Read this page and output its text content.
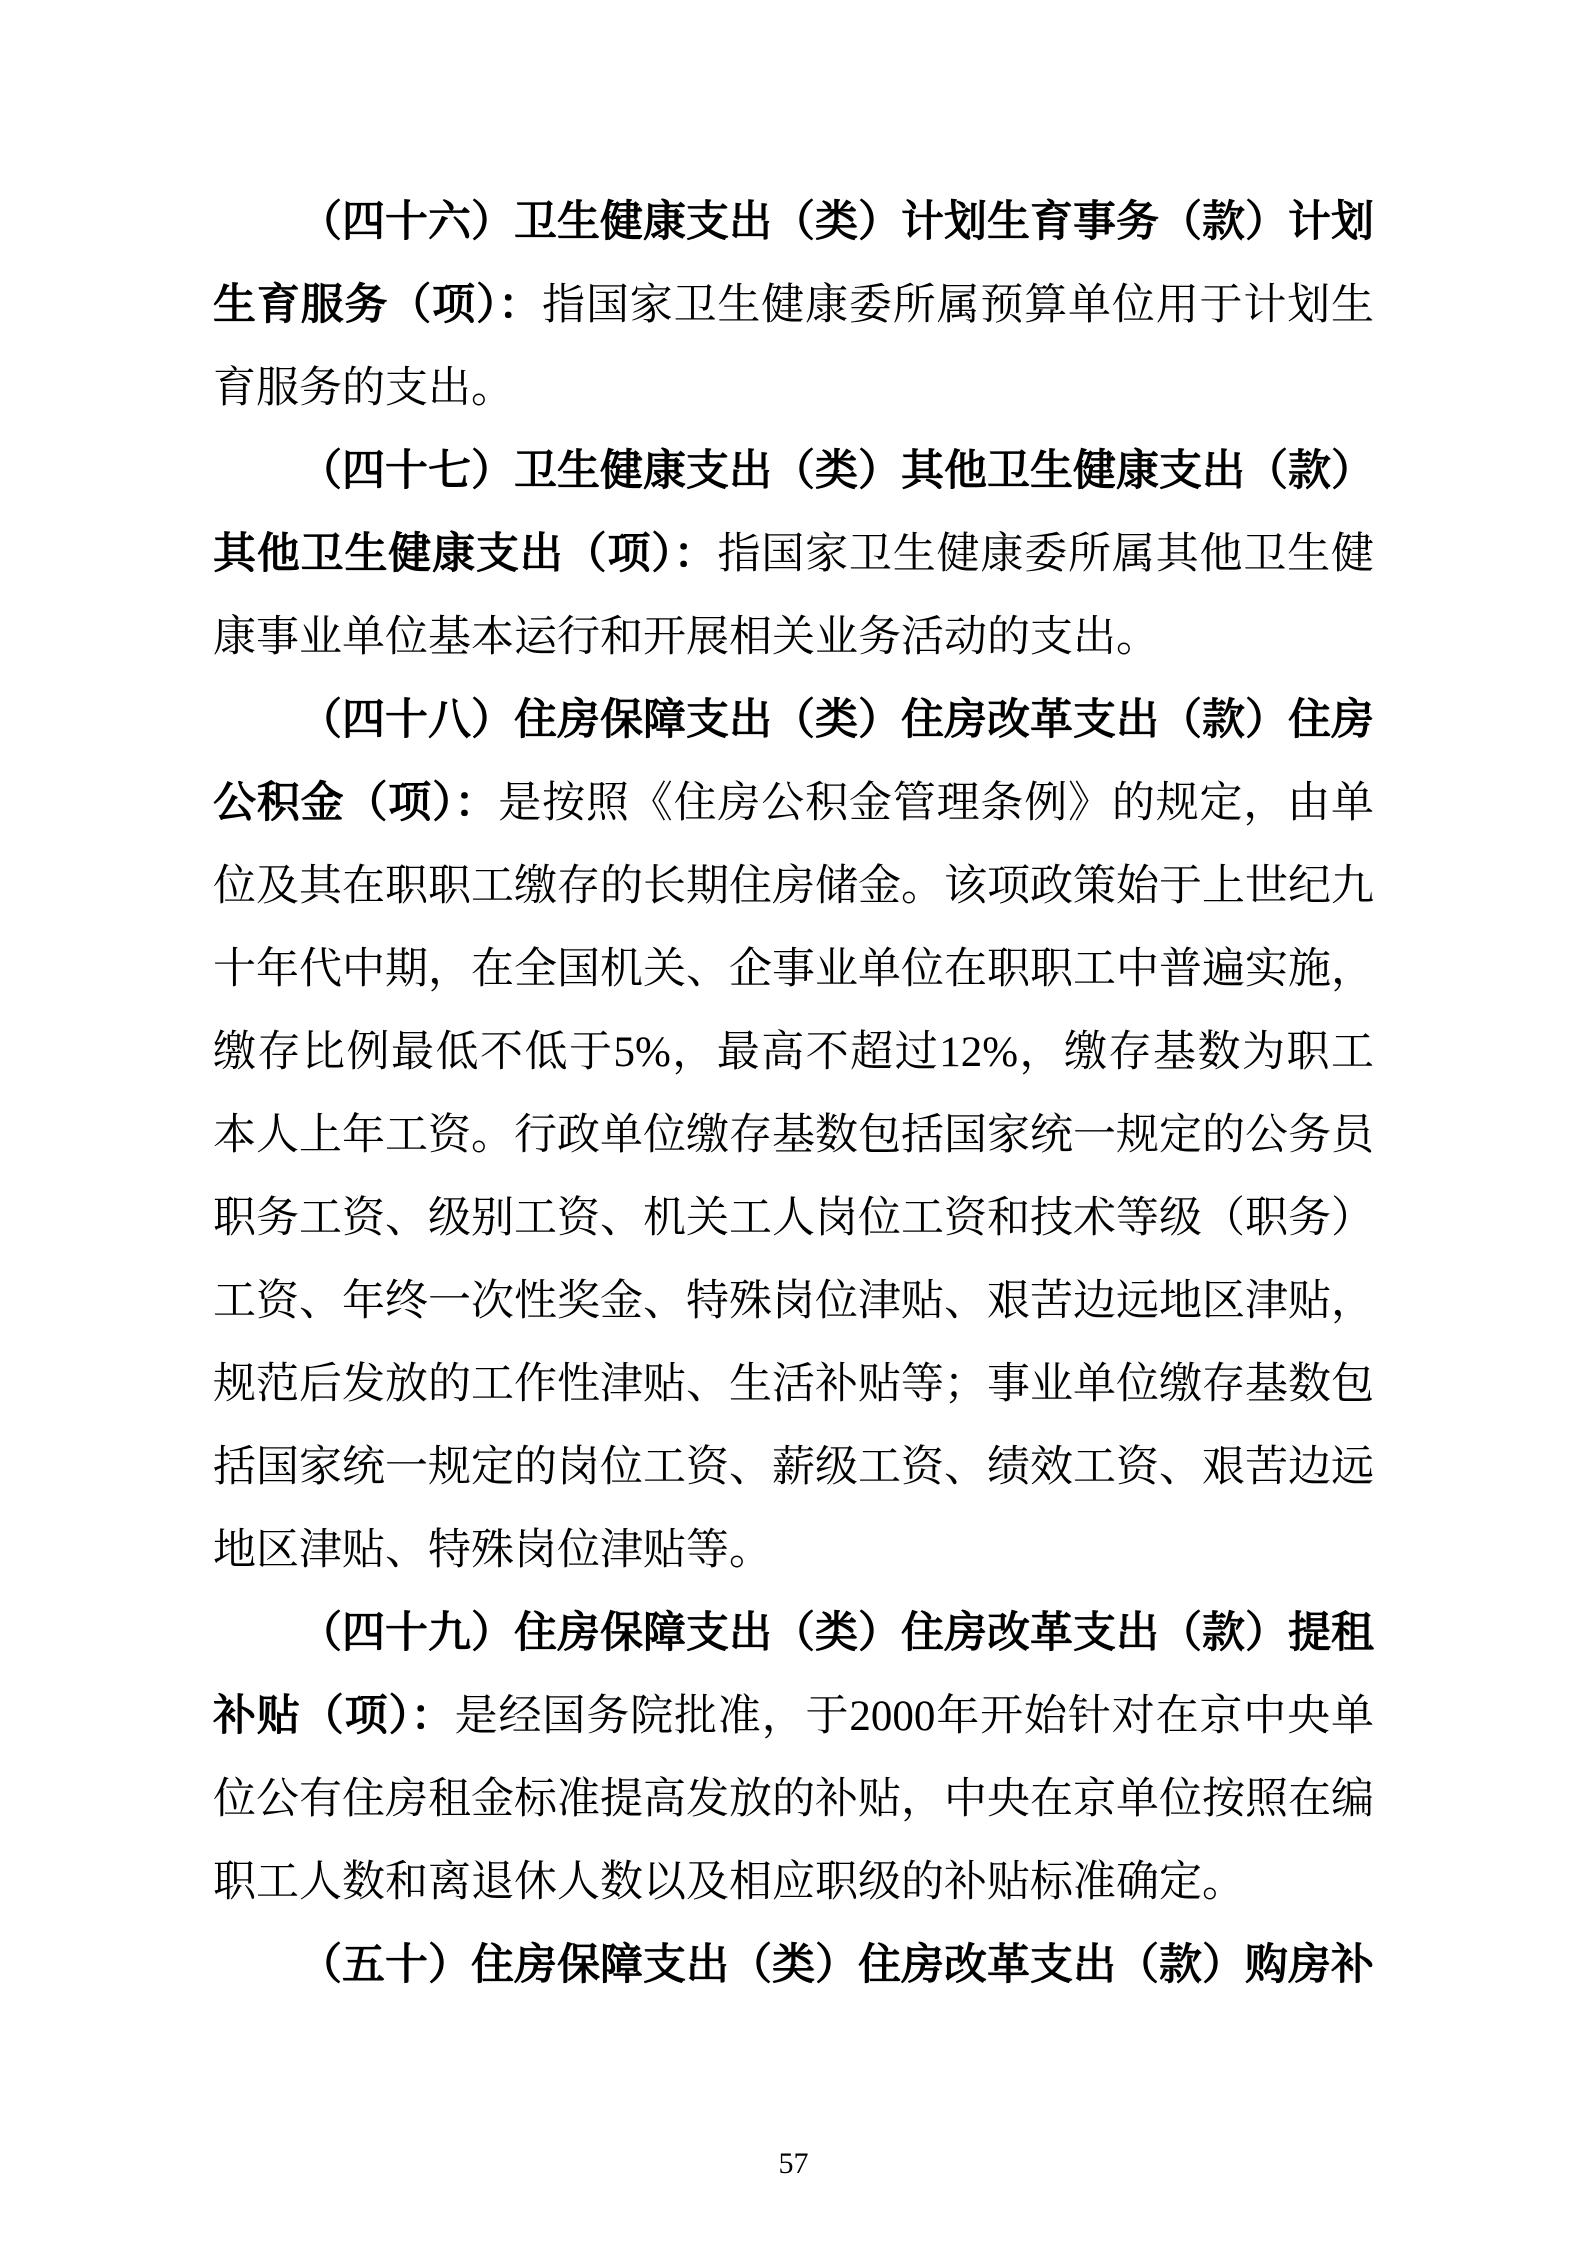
（四十六）卫生健康支出（类）计划生育事务（款）计划生育服务（项）：指国家卫生健康委所属预算单位用于计划生育服务的支出。

（四十七）卫生健康支出（类）其他卫生健康支出（款）其他卫生健康支出（项）：指国家卫生健康委所属其他卫生健康事业单位基本运行和开展相关业务活动的支出。

（四十八）住房保障支出（类）住房改革支出（款）住房公积金（项）：是按照《住房公积金管理条例》的规定，由单位及其在职职工缴存的长期住房储金。该项政策始于上世纪九十年代中期，在全国机关、企事业单位在职职工中普遍实施，缴存比例最低不低于5%，最高不超过12%，缴存基数为职工本人上年工资。行政单位缴存基数包括国家统一规定的公务员职务工资、级别工资、机关工人岗位工资和技术等级（职务）工资、年终一次性奖金、特殊岗位津贴、艰苦边远地区津贴，规范后发放的工作性津贴、生活补贴等；事业单位缴存基数包括国家统一规定的岗位工资、薪级工资、绩效工资、艰苦边远地区津贴、特殊岗位津贴等。

（四十九）住房保障支出（类）住房改革支出（款）提租补贴（项）：是经国务院批准，于2000年开始针对在京中央单位公有住房租金标准提高发放的补贴，中央在京单位按照在编职工人数和离退休人数以及相应职级的补贴标准确定。

（五十）住房保障支出（类）住房改革支出（款）购房补

57
